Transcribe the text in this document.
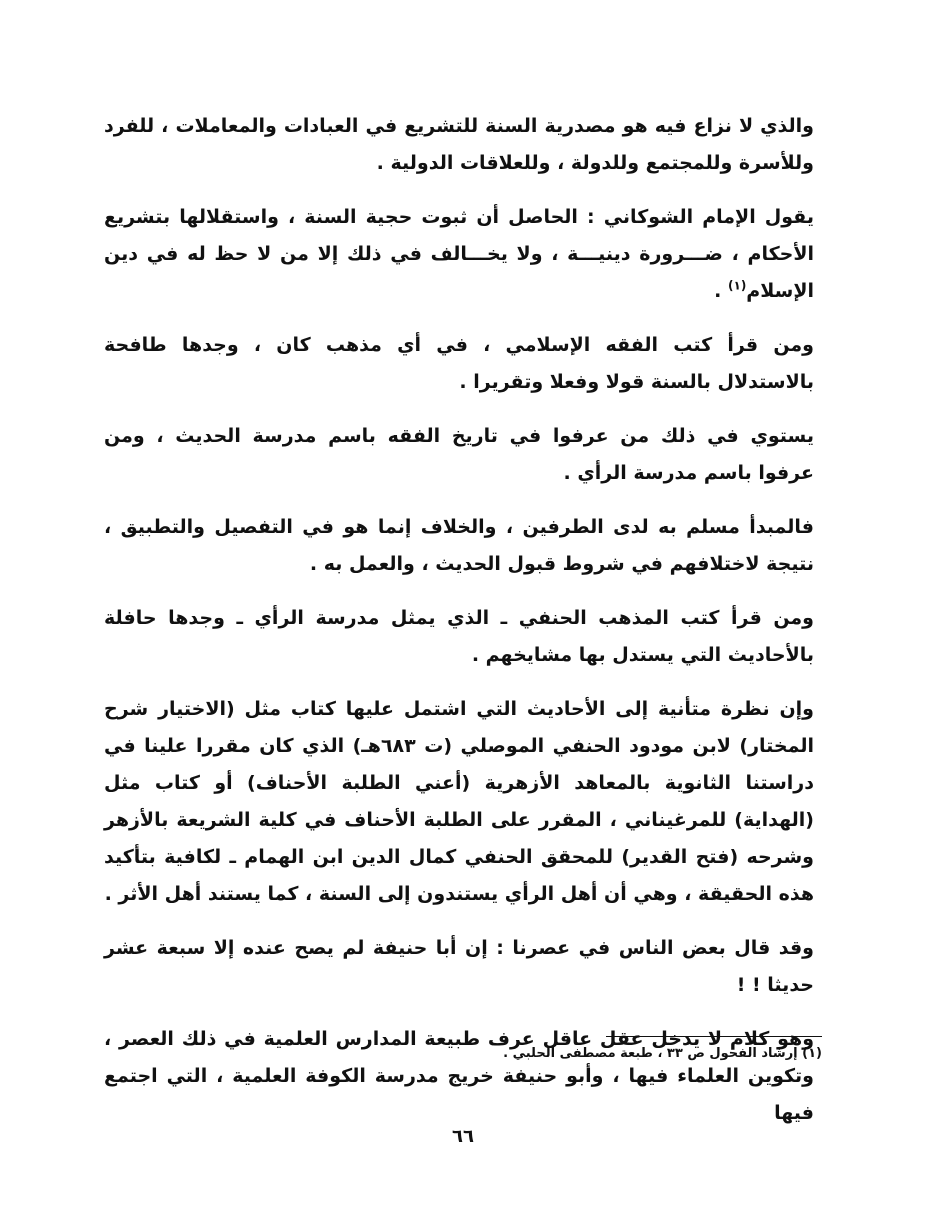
والذي لا نزاع فيه هو مصدرية السنة للتشريع في العبادات والمعاملات ، للفرد وللأسرة وللمجتمع وللدولة ، وللعلاقات الدولية .

يقول الإمام الشوكاني : الحاصل أن ثبوت حجية السنة ، واستقلالها بتشريع الأحكام ، ضـــرورة دينيـــة ، ولا يخـــالف في ذلك إلا من لا حظ له في دين الإسلام$^{(١)}$ .

ومن قرأ كتب الفقه الإسلامي ، في أي مذهب كان ، وجدها طافحة بالاستدلال بالسنة قولا وفعلا وتقريرا .

يستوي في ذلك من عرفوا في تاريخ الفقه باسم مدرسة الحديث ، ومن عرفوا باسم مدرسة الرأي .

فالمبدأ مسلم به لدى الطرفين ، والخلاف إنما هو في التفصيل والتطبيق ، نتيجة لاختلافهم في شروط قبول الحديث ، والعمل به .

ومن قرأ كتب المذهب الحنفي ـ الذي يمثل مدرسة الرأي ـ وجدها حافلة بالأحاديث التي يستدل بها مشايخهم .

وإن نظرة متأنية إلى الأحاديث التي اشتمل عليها كتاب مثل (الاختيار شرح المختار) لابن مودود الحنفي الموصلي (ت ٦٨٣هـ) الذي كان مقررا علينا في دراستنا الثانوية بالمعاهد الأزهرية (أعني الطلبة الأحناف) أو كتاب مثل (الهداية) للمرغيناني ، المقرر على الطلبة الأحناف في كلية الشريعة بالأزهر وشرحه (فتح القدير) للمحقق الحنفي كمال الدين ابن الهمام ـ لكافية بتأكيد هذه الحقيقة ، وهي أن أهل الرأي يستندون إلى السنة ، كما يستند أهل الأثر .

وقد قال بعض الناس في عصرنا : إن أبا حنيفة لم يصح عنده إلا سبعة عشر حديثا ! !

وهو كلام لا يدخل عقل عاقل عرف طبيعة المدارس العلمية في ذلك العصر ، وتكوين العلماء فيها ، وأبو حنيفة خريج مدرسة الكوفة العلمية ، التي اجتمع فيها

(١) إرشاد الفحول ص ٣٣ ، طبعة مصطفى الحلبي .
٦٦
